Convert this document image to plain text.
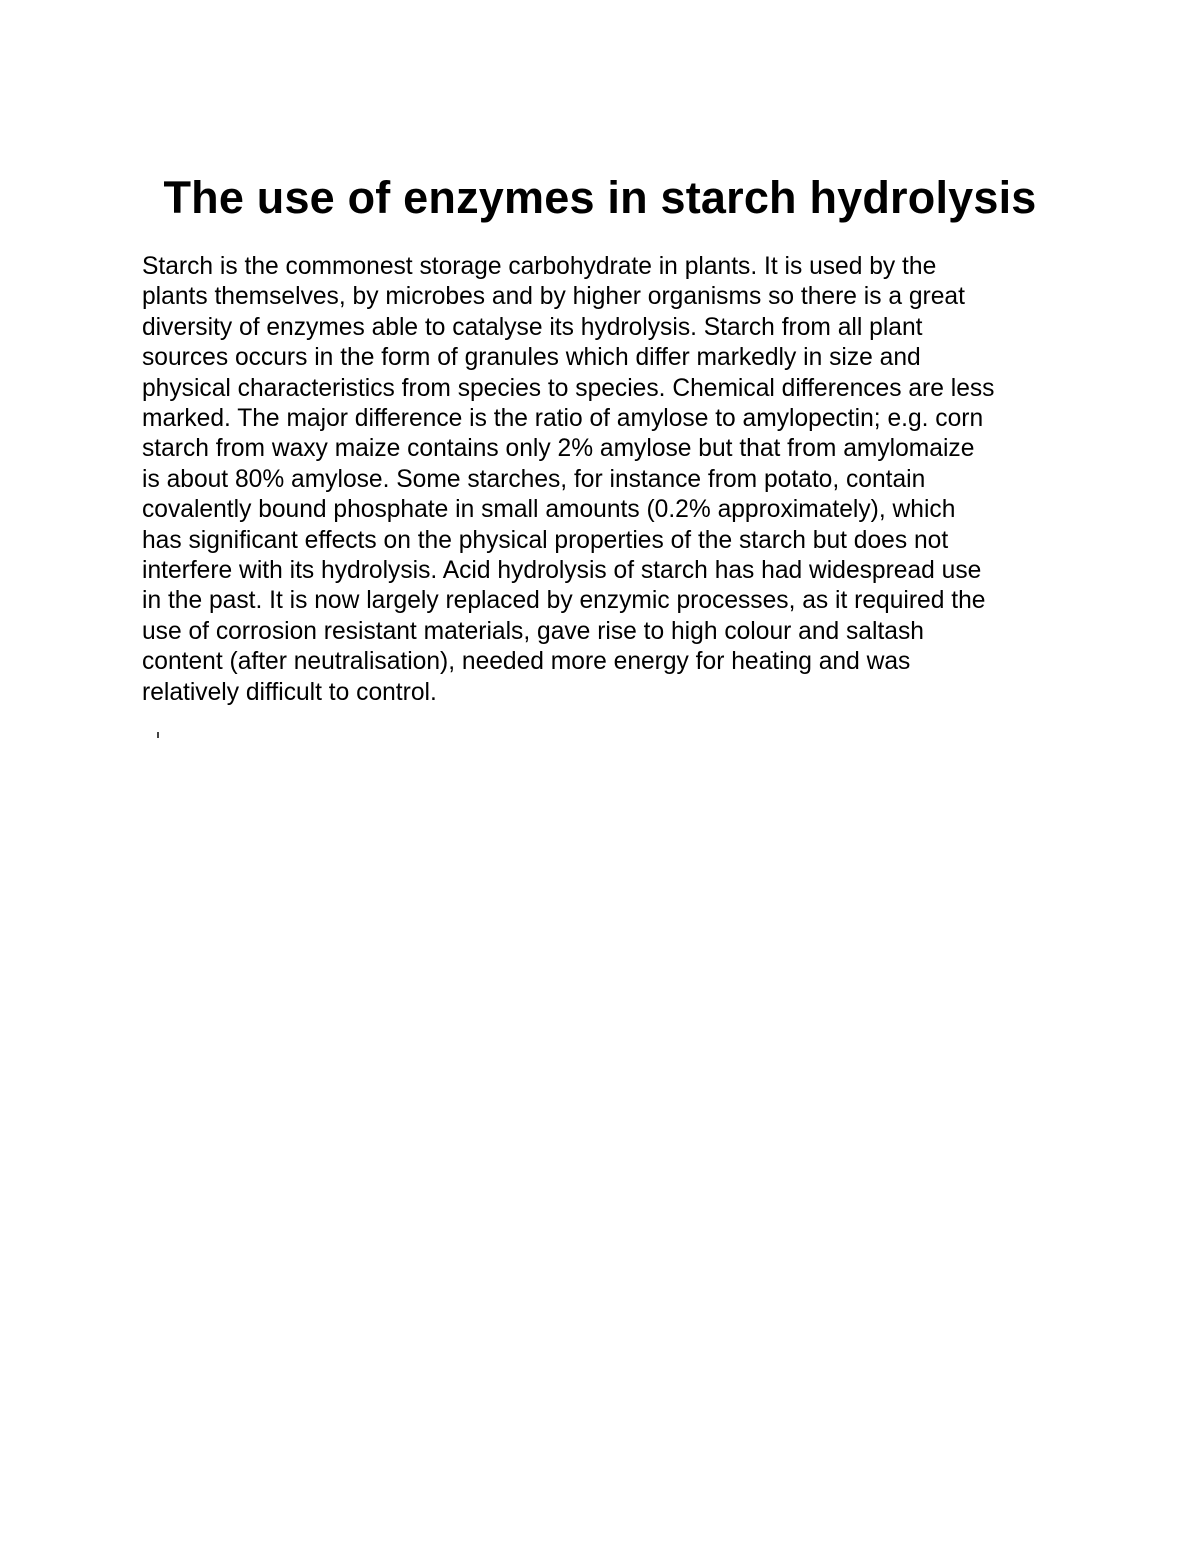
The use of enzymes in starch hydrolysis

Starch is the commonest storage carbohydrate in plants. It is used by the
plants themselves, by microbes and by higher organisms so there is a great
diversity of enzymes able to catalyse its hydrolysis. Starch from all plant
sources occurs in the form of granules which differ markedly in size and
physical characteristics from species to species. Chemical differences are less
marked. The major difference is the ratio of amylose to amylopectin; e.g. corn
starch from waxy maize contains only 2% amylose but that from amylomaize
is about 80% amylose. Some starches, for instance from potato, contain
covalently bound phosphate in small amounts (0.2% approximately), which
has significant effects on the physical properties of the starch but does not
interfere with its hydrolysis. Acid hydrolysis of starch has had widespread use
in the past. It is now largely replaced by enzymic processes, as it required the
use of corrosion resistant materials, gave rise to high colour and saltash
content (after neutralisation), needed more energy for heating and was
relatively difficult to control.
